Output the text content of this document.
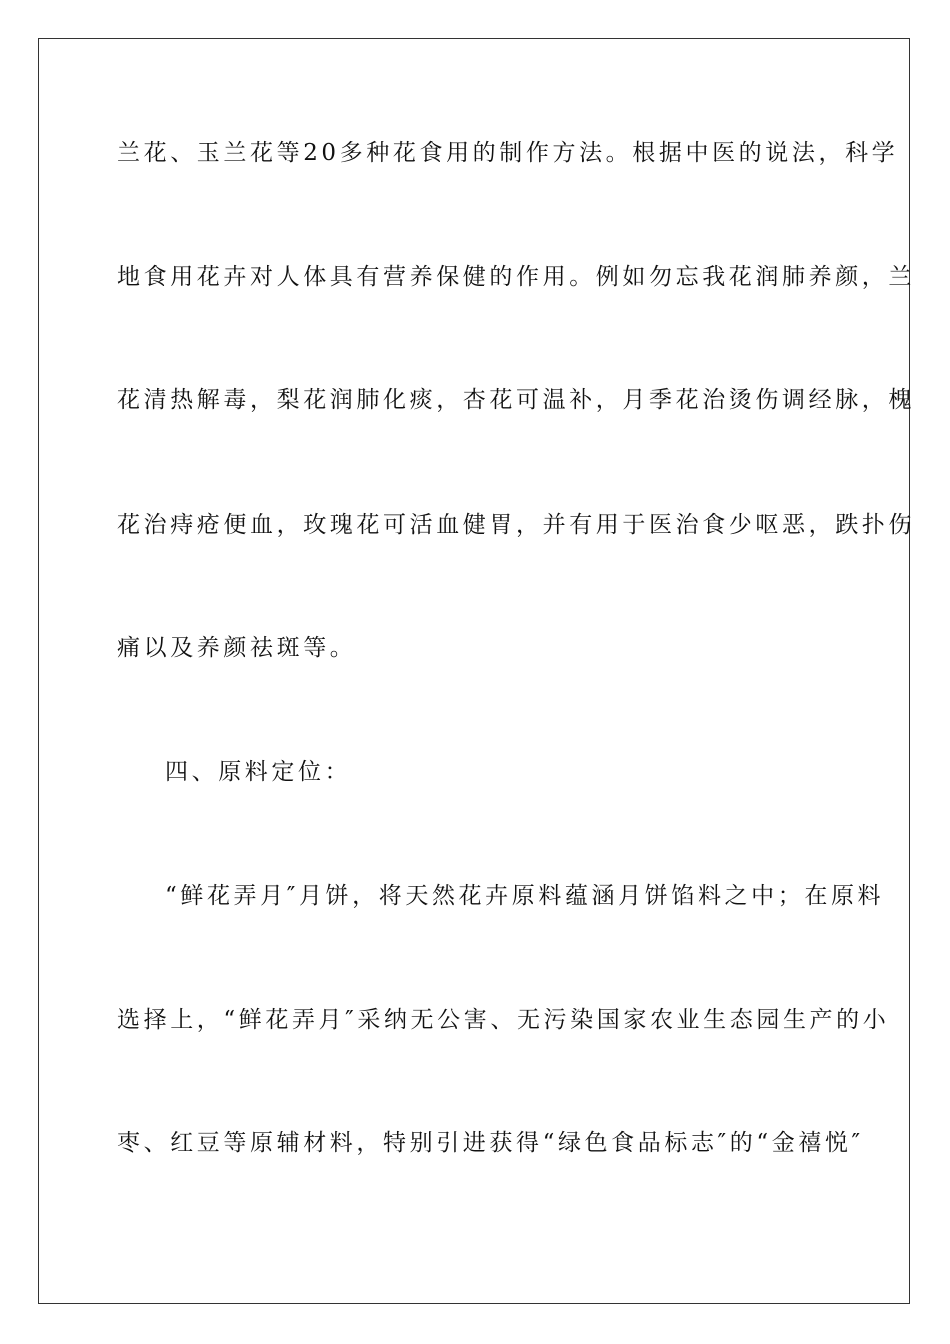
兰花、玉兰花等20多种花食用的制作方法。根据中医的说法，科学
地食用花卉对人体具有营养保健的作用。例如勿忘我花润肺养颜，兰
花清热解毒，梨花润肺化痰，杏花可温补，月季花治烫伤调经脉，槐
花治痔疮便血，玫瑰花可活血健胃，并有用于医治食少呕恶，跌扑伤
痛以及养颜祛斑等。
四、原料定位：
“鲜花弄月″月饼，将天然花卉原料蕴涵月饼馅料之中；在原料
选择上，“鲜花弄月″采纳无公害、无污染国家农业生态园生产的小
枣、红豆等原辅材料，特别引进获得“绿色食品标志″的“金禧悦″
